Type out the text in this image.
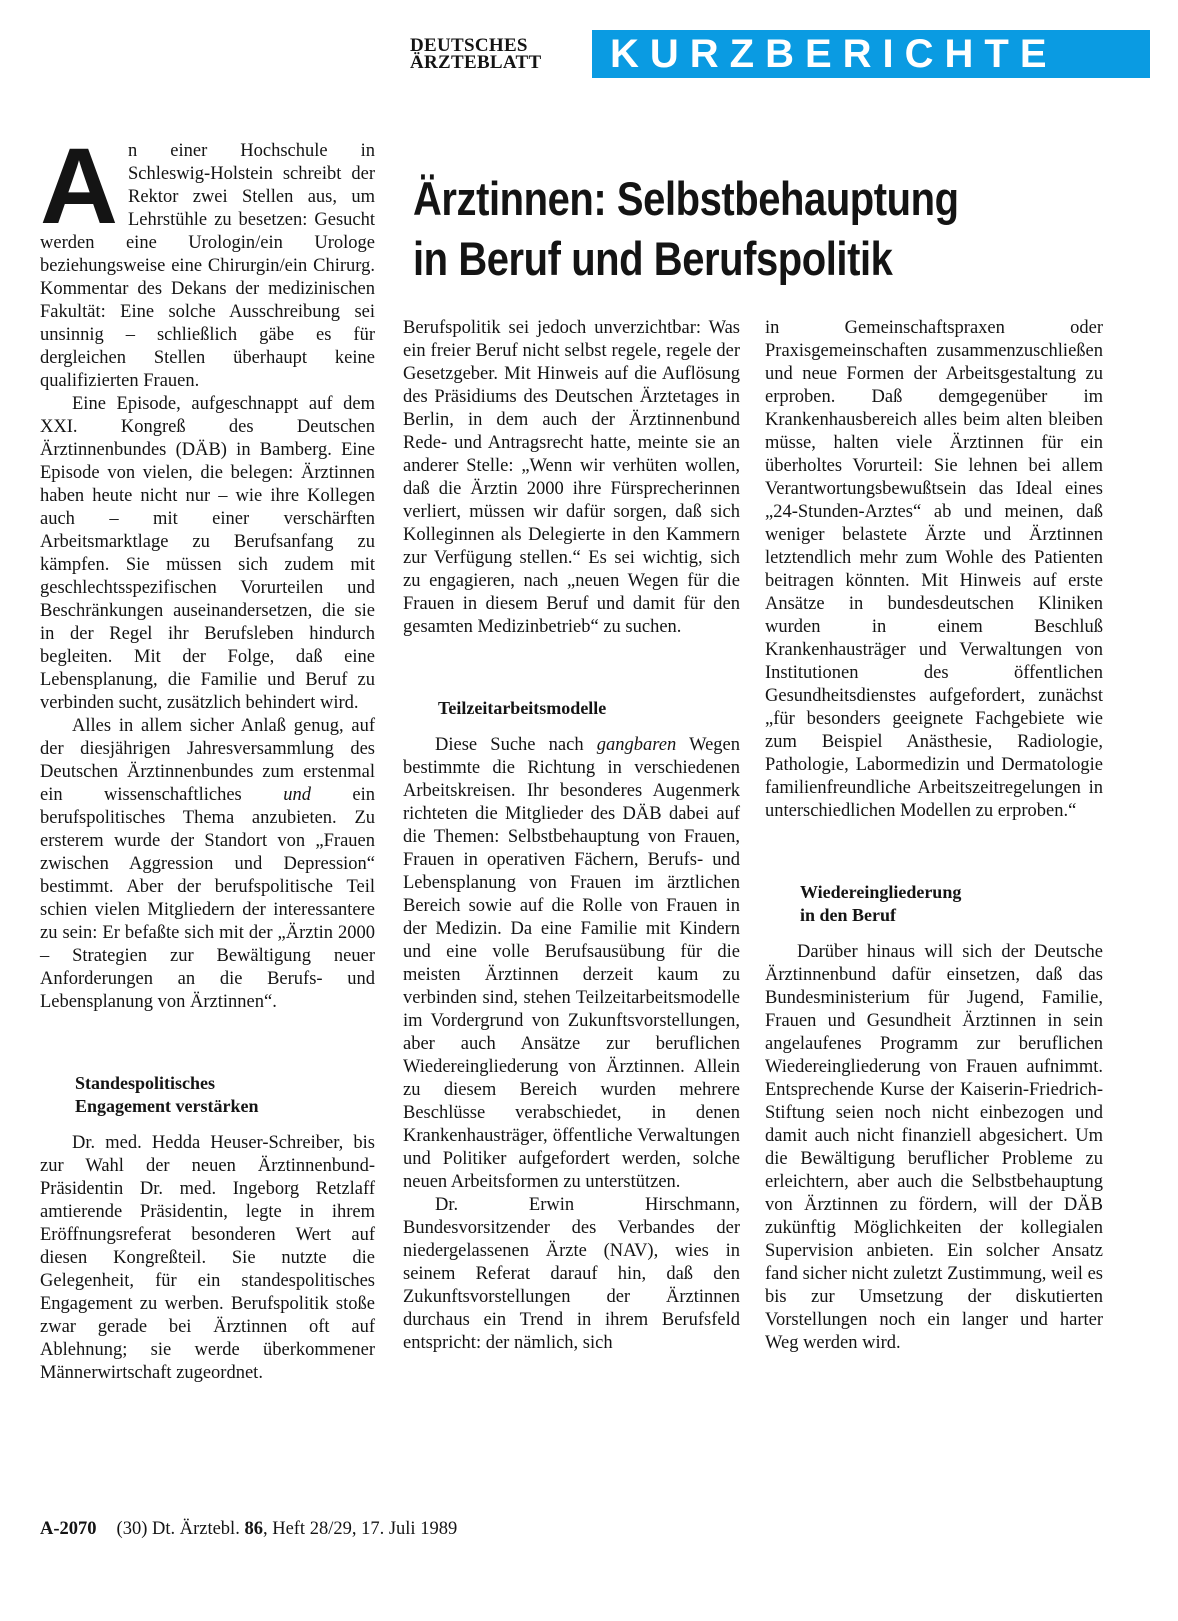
DEUTSCHES
ÄRZTEBLATT	KURZBERICHTE
Ärztinnen: Selbstbehauptung
in Beruf und Berufspolitik
A n einer Hochschule in Schleswig-Holstein schreibt der Rektor zwei Stellen aus, um Lehrstühle zu besetzen: Gesucht werden eine Urologin/ein Urologe beziehungsweise eine Chirurgin/ein Chirurg. Kommentar des Dekans der medizinischen Fakultät: Eine solche Ausschreibung sei unsinnig – schließlich gäbe es für dergleichen Stellen überhaupt keine qualifizierten Frauen.

Eine Episode, aufgeschnappt auf dem XXI. Kongreß des Deutschen Ärztinnenbundes (DÄB) in Bamberg. Eine Episode von vielen, die belegen: Ärztinnen haben heute nicht nur – wie ihre Kollegen auch – mit einer verschärften Arbeitsmarktlage zu Berufsanfang zu kämpfen. Sie müssen sich zudem mit geschlechtsspezifischen Vorurteilen und Beschränkungen auseinandersetzen, die sie in der Regel ihr Berufsleben hindurch begleiten. Mit der Folge, daß eine Lebensplanung, die Familie und Beruf zu verbinden sucht, zusätzlich behindert wird.

Alles in allem sicher Anlaß genug, auf der diesjährigen Jahresversammlung des Deutschen Ärztinnenbundes zum erstenmal ein wissenschaftliches und ein berufspolitisches Thema anzubieten. Zu ersterem wurde der Standort von „Frauen zwischen Aggression und Depression“ bestimmt. Aber der berufspolitische Teil schien vielen Mitgliedern der interessantere zu sein: Er befaßte sich mit der „Ärztin 2000 – Strategien zur Bewältigung neuer Anforderungen an die Berufs- und Lebensplanung von Ärztinnen“.

Standespolitisches
Engagement verstärken

Dr. med. Hedda Heuser-Schreiber, bis zur Wahl der neuen Ärztinnenbund-Präsidentin Dr. med. Ingeborg Retzlaff amtierende Präsidentin, legte in ihrem Eröffnungsreferat besonderen Wert auf diesen Kongreßteil. Sie nutzte die Gelegenheit, für ein standespolitisches Engagement zu werben. Berufspolitik stoße zwar gerade bei Ärztinnen oft auf Ablehnung; sie werde überkommener Männerwirtschaft zugeordnet.

Berufspolitik sei jedoch unverzichtbar: Was ein freier Beruf nicht selbst regele, regele der Gesetzgeber. Mit Hinweis auf die Auflösung des Präsidiums des Deutschen Ärztetages in Berlin, in dem auch der Ärztinnenbund Rede- und Antragsrecht hatte, meinte sie an anderer Stelle: „Wenn wir verhüten wollen, daß die Ärztin 2000 ihre Fürsprecherinnen verliert, müssen wir dafür sorgen, daß sich Kolleginnen als Delegierte in den Kammern zur Verfügung stellen.“ Es sei wichtig, sich zu engagieren, nach „neuen Wegen für die Frauen in diesem Beruf und damit für den gesamten Medizinbetrieb“ zu suchen.

Teilzeitarbeitsmodelle

Diese Suche nach gangbaren Wegen bestimmte die Richtung in verschiedenen Arbeitskreisen. Ihr besonderes Augenmerk richteten die Mitglieder des DÄB dabei auf die Themen: Selbstbehauptung von Frauen, Frauen in operativen Fächern, Berufs- und Lebensplanung von Frauen im ärztlichen Bereich sowie auf die Rolle von Frauen in der Medizin. Da eine Familie mit Kindern und eine volle Berufsausübung für die meisten Ärztinnen derzeit kaum zu verbinden sind, stehen Teilzeitarbeitsmodelle im Vordergrund von Zukunftsvorstellungen, aber auch Ansätze zur beruflichen Wiedereingliederung von Ärztinnen. Allein zu diesem Bereich wurden mehrere Beschlüsse verabschiedet, in denen Krankenhausträger, öffentliche Verwaltungen und Politiker aufgefordert werden, solche neuen Arbeitsformen zu unterstützen.

Dr. Erwin Hirschmann, Bundesvorsitzender des Verbandes der niedergelassenen Ärzte (NAV), wies in seinem Referat darauf hin, daß den Zukunftsvorstellungen der Ärztinnen durchaus ein Trend in ihrem Berufsfeld entspricht: der nämlich, sich

in Gemeinschaftspraxen oder Praxisgemeinschaften zusammenzuschließen und neue Formen der Arbeitsgestaltung zu erproben. Daß demgegenüber im Krankenhausbereich alles beim alten bleiben müsse, halten viele Ärztinnen für ein überholtes Vorurteil: Sie lehnen bei allem Verantwortungsbewußtsein das Ideal eines „24-Stunden-Arztes“ ab und meinen, daß weniger belastete Ärzte und Ärztinnen letztendlich mehr zum Wohle des Patienten beitragen könnten. Mit Hinweis auf erste Ansätze in bundesdeutschen Kliniken wurden in einem Beschluß Krankenhausträger und Verwaltungen von Institutionen des öffentlichen Gesundheitsdienstes aufgefordert, zunächst „für besonders geeignete Fachgebiete wie zum Beispiel Anästhesie, Radiologie, Pathologie, Labormedizin und Dermatologie familienfreundliche Arbeitszeitregelungen in unterschiedlichen Modellen zu erproben.“

Wiedereingliederung
in den Beruf

Darüber hinaus will sich der Deutsche Ärztinnenbund dafür einsetzen, daß das Bundesministerium für Jugend, Familie, Frauen und Gesundheit Ärztinnen in sein angelaufenes Programm zur beruflichen Wiedereingliederung von Frauen aufnimmt. Entsprechende Kurse der Kaiserin-Friedrich-Stiftung seien noch nicht einbezogen und damit auch nicht finanziell abgesichert. Um die Bewältigung beruflicher Probleme zu erleichtern, aber auch die Selbstbehauptung von Ärztinnen zu fördern, will der DÄB zukünftig Möglichkeiten der kollegialen Supervision anbieten. Ein solcher Ansatz fand sicher nicht zuletzt Zustimmung, weil es bis zur Umsetzung der diskutierten Vorstellungen noch ein langer und harter Weg werden wird.

A-2070 (30) Dt. Ärztebl. 86, Heft 28/29, 17. Juli 1989
